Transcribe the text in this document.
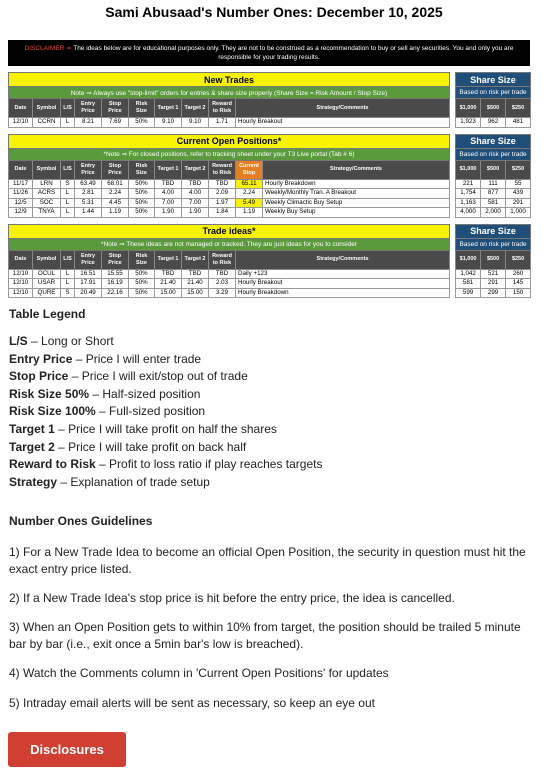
Sami Abusaad's Number Ones: December 10, 2025
DISCLAIMER ⇒ The ideas below are for educational purposes only. They are not to be construed as a recommendation to buy or sell any securities. You and only you are responsible for your trading results.
New Trades											Share Size		
Note ⇒ Always use "stop-limit" orders for entries & share size properly (Share Size = Risk Amount / Stop Size)											Based on risk per trade		
Date	Symbol	L/S	Entry Price	Stop Price	Risk Size	Target 1	Target 2	Reward to Risk	Strategy/Comments		$1,000	$500	$250
12/10	CCRN	L	8.21	7.69	50%	9.10	9.10	1.71	Hourly Breakout		1,923	962	481
Current Open Positions*												Share Size		
*Note ⇒ For closed positions, refer to tracking sheet under your T3 Live portal (Tab # 6)												Based on risk per trade		
Date	Symbol	L/S	Entry Price	Stop Price	Risk Size	Target 1	Target 2	Reward to Risk	Current Stop	Strategy/Comments		$1,000	$500	$250
11/17	LRN	S	63.49	68.01	50%	TBD	TBD	TBD	65.11	Hourly Breakdown		221	111	55
11/26	ACRS	L	2.81	2.24	50%	4.00	4.00	2.09	2.24	Weekly/Monthly Tran. A Breakout		1,754	877	439
12/5	SOC	L	5.31	4.45	50%	7.00	7.00	1.97	5.49	Weekly Climactic Buy Setup		1,163	581	291
12/9	TNYA	L	1.44	1.19	50%	1.90	1.90	1.84	1.19	Weekly Buy Setup		4,000	2,000	1,000
Trade ideas*											Share Size		
*Note ⇒ These ideas are not managed or tracked. They are just ideas for you to consider											Based on risk per trade		
Date	Symbol	L/S	Entry Price	Stop Price	Risk Size	Target 1	Target 2	Reward to Risk	Strategy/Comments		$1,000	$500	$250
12/10	OCUL	L	16.51	15.55	50%	TBD	TBD	TBD	Daily +123		1,042	521	260
12/10	USAR	L	17.91	16.19	50%	21.40	21.40	2.03	Hourly Breakout		581	291	145
12/10	QURE	S	20.49	22.16	50%	15.00	15.00	3.29	Hourly Breakdown		599	299	150
Table Legend
L/S – Long or Short
Entry Price – Price I will enter trade
Stop Price – Price I will exit/stop out of trade
Risk Size 50% – Half-sized position
Risk Size 100% – Full-sized position
Target 1 – Price I will take profit on half the shares
Target 2 – Price I will take profit on back half
Reward to Risk – Profit to loss ratio if play reaches targets
Strategy – Explanation of trade setup
Number Ones Guidelines
1) For a New Trade Idea to become an official Open Position, the security in question must hit the exact entry price listed.
2) If a New Trade Idea's stop price is hit before the entry price, the idea is cancelled.
3) When an Open Position gets to within 10% from target, the position should be trailed 5 minute bar by bar (i.e., exit once a 5min bar's low is breached).
4) Watch the Comments column in 'Current Open Positions' for updates
5) Intraday email alerts will be sent as necessary, so keep an eye out
Disclosures
